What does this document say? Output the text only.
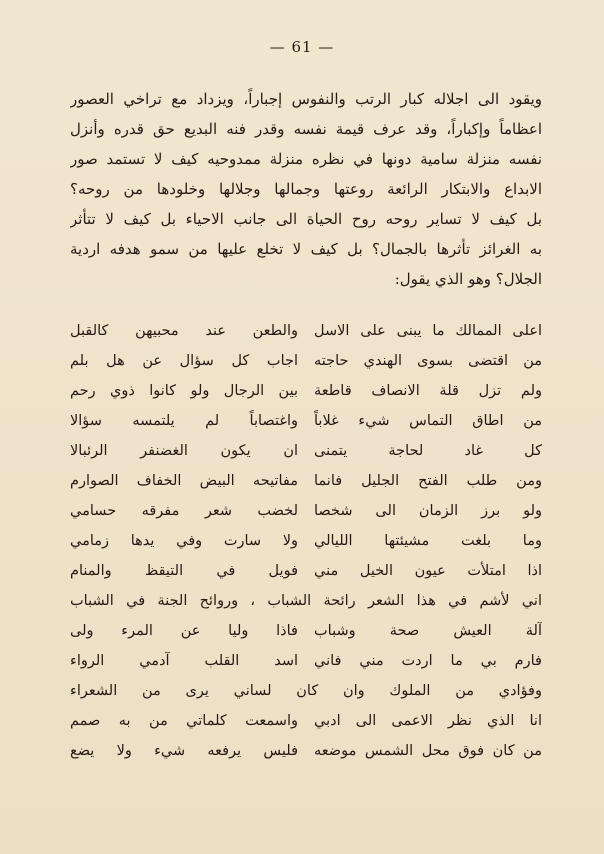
— 61 —
ويقود الى اجلاله كبار الرتب والنفوس إجباراً، ويزداد مع تراخي العصور
اعظاماً وإكباراً، وقد عرف قيمة نفسه وقدر فنه البديع حق قدره وأنزل
نفسه منزلة سامية دونها في نظره منزلة ممدوحيه كيف لا تستمد صور
الابداع والابتكار الرائعة روعتها وجمالها وجلالها وخلودها من روحه؟
بل كيف لا تساير روحه روح الحياة الى جانب الاحياء بل كيف لا تتأثر
به الغرائز تأثرها بالجمال؟ بل كيف لا تخلع عليها من سمو هدفه اردية
الجلال؟ وهو الذي يقول:
اعلى الممالك ما يبنى على الاسل
والطعن عند محبيهن كالقبل
من اقتضى بسوى الهندي حاجته
اجاب كل سؤال عن هل بلم
ولم تزل قلة الانصاف قاطعة
بين الرجال ولو كانوا ذوي رحم
من اطاق التماس شيء غلاباً
واغتصاباً لم يلتمسه سؤالا
كل غاد لحاجة يتمنى
ان يكون الغضنفر الرئبالا
ومن طلب الفتح الجليل فانما
مفاتيحه البيض الخفاف الصوارم
ولو برز الزمان الى شخصا
لخضب شعر مفرقه حسامي
وما بلغت مشيئتها الليالي
ولا سارت وفي يدها زمامي
اذا امتلأت عيون الخيل مني
فويل في التيقظ والمنام
اني لأشم في هذا الشعر رائحة الشباب ، وروائح الجنة في الشباب
آلة العيش صحة وشباب
فاذا وليا عن المرء ولى
فارم بي ما اردت مني فاني
اسد القلب آدمي الرواء
وفؤادي من الملوك وان كان لساني يرى من الشعراء
انا الذي نظر الاعمى الى ادبي
واسمعت كلماتي من به صمم
من كان فوق محل الشمس موضعه
فليس يرفعه شيء ولا يضع
